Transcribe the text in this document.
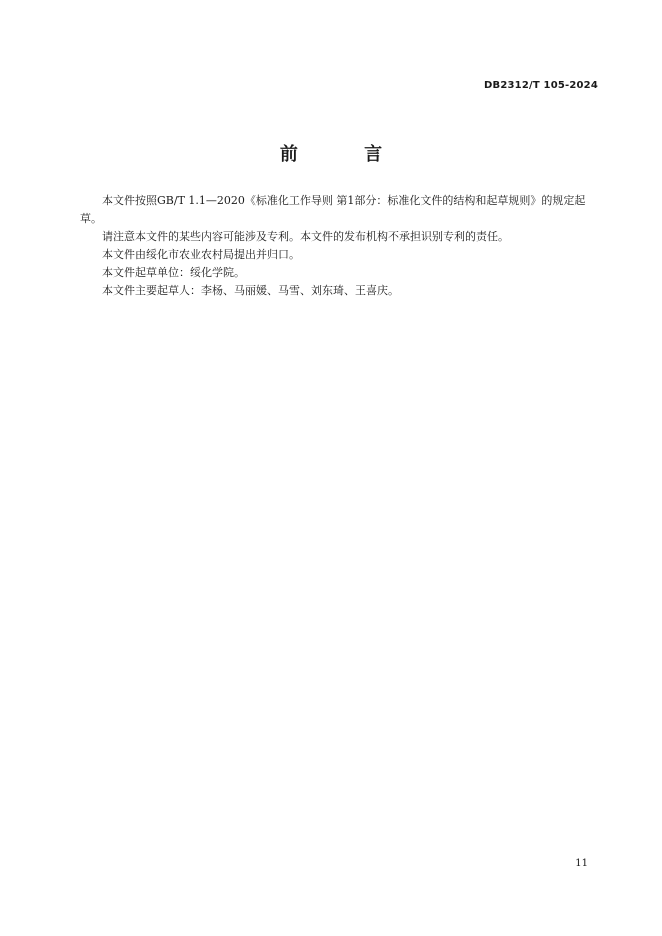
DB2312/T 105-2024
前 言

本文件按照GB/T 1.1—2020《标准化工作导则 第1部分：标准化文件的结构和起草规则》的规定起草。

请注意本文件的某些内容可能涉及专利。本文件的发布机构不承担识别专利的责任。

本文件由绥化市农业农村局提出并归口。

本文件起草单位：绥化学院。

本文件主要起草人：李杨、马丽媛、马雪、刘东琦、王喜庆。

11
